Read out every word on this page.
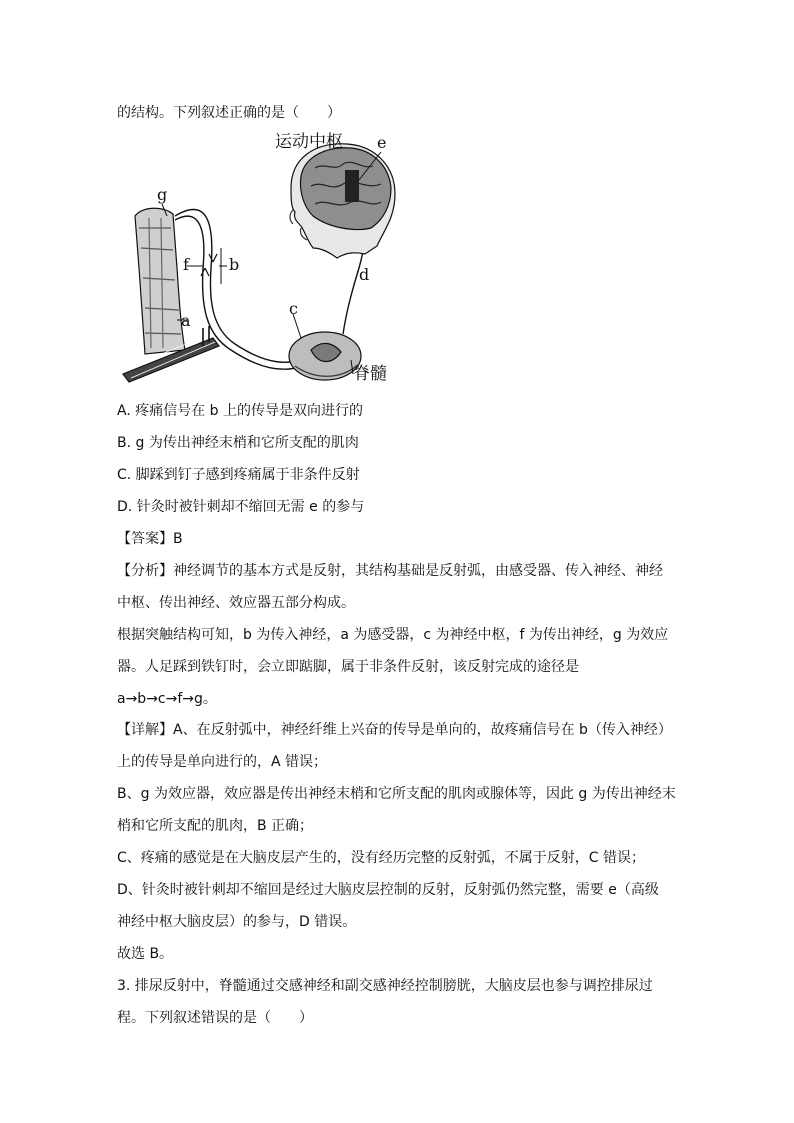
的结构。下列叙述正确的是（　　）
运动中枢 e
g
f	b
d
a
c
脊髓
A. 疼痛信号在 b 上的传导是双向进行的
B. g 为传出神经末梢和它所支配的肌肉
C. 脚踩到钉子感到疼痛属于非条件反射
D. 针灸时被针刺却不缩回无需 e 的参与
【答案】B
【分析】神经调节的基本方式是反射，其结构基础是反射弧，由感受器、传入神经、神经
中枢、传出神经、效应器五部分构成。
根据突触结构可知，b 为传入神经，a 为感受器，c 为神经中枢，f 为传出神经，g 为效应
器。人足踩到铁钉时，会立即踮脚，属于非条件反射，该反射完成的途径是
a→b→c→f→g。
【详解】A、在反射弧中，神经纤维上兴奋的传导是单向的，故疼痛信号在 b（传入神经）
上的传导是单向进行的，A 错误；
B、g 为效应器，效应器是传出神经末梢和它所支配的肌肉或腺体等，因此 g 为传出神经末
梢和它所支配的肌肉，B 正确；
C、疼痛的感觉是在大脑皮层产生的，没有经历完整的反射弧，不属于反射，C 错误；
D、针灸时被针刺却不缩回是经过大脑皮层控制的反射，反射弧仍然完整，需要 e（高级
神经中枢大脑皮层）的参与，D 错误。
故选 B。
3. 排尿反射中，脊髓通过交感神经和副交感神经控制膀胱，大脑皮层也参与调控排尿过
程。下列叙述错误的是（　　）
